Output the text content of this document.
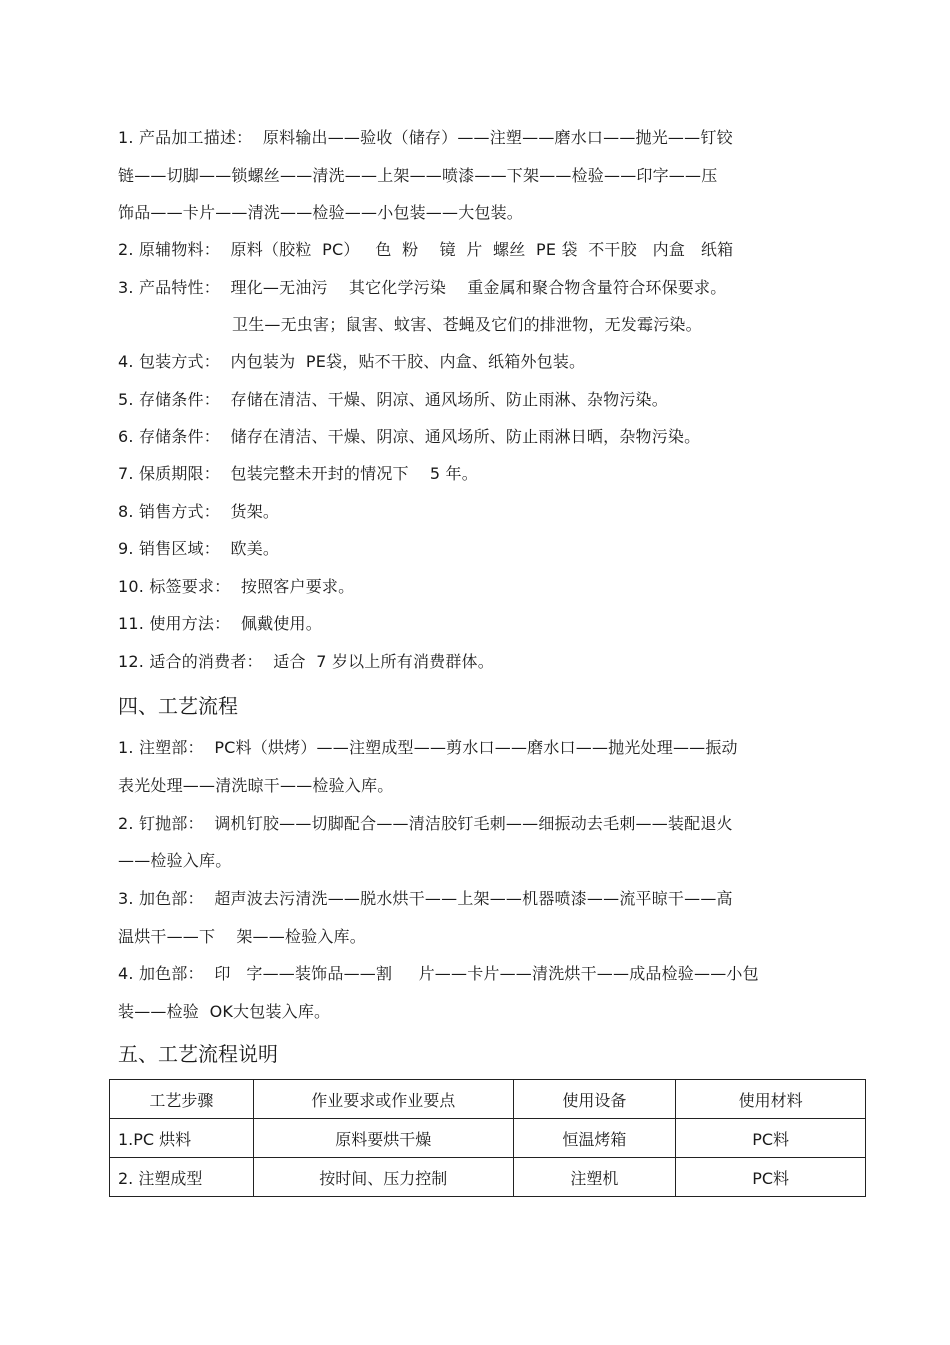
1. 产品加工描述：  原料输出——验收（储存）——注塑——磨水口——抛光——钉铰
链——切脚——锁螺丝——清洗——上架——喷漆——下架——检验——印字——压
饰品——卡片——清洗——检验——小包装——大包装。
2. 原辅物料：  原料（胶粒  PC）   色  粉    镜  片  螺丝  PE 袋  不干胶   内盒   纸箱
3. 产品特性：  理化—无油污    其它化学污染    重金属和聚合物含量符合环保要求。
卫生—无虫害；鼠害、蚊害、苍蝇及它们的排泄物，无发霉污染。
4. 包装方式：  内包装为  PE袋，贴不干胶、内盒、纸箱外包装。
5. 存储条件：  存储在清洁、干燥、阴凉、通风场所、防止雨淋、杂物污染。
6. 存储条件：  储存在清洁、干燥、阴凉、通风场所、防止雨淋日晒，杂物污染。
7. 保质期限：  包装完整未开封的情况下    5 年。
8. 销售方式：  货架。
9. 销售区域：  欧美。
10. 标签要求：  按照客户要求。
11. 使用方法：  佩戴使用。
12. 适合的消费者：  适合  7 岁以上所有消费群体。
四、工艺流程
1. 注塑部：  PC料（烘烤）——注塑成型——剪水口——磨水口——抛光处理——振动
表光处理——清洗晾干——检验入库。
2. 钉抛部：  调机钉胶——切脚配合——清洁胶钉毛刺——细振动去毛刺——装配退火
——检验入库。
3. 加色部：  超声波去污清洗——脱水烘干——上架——机器喷漆——流平晾干——高
温烘干——下    架——检验入库。
4. 加色部：  印   字——装饰品——割     片——卡片——清洗烘干——成品检验——小包
装——检验  OK大包装入库。
五、工艺流程说明
工艺步骤	作业要求或作业要点	使用设备	使用材料
1.PC 烘料	原料要烘干燥	恒温烤箱	PC料
2. 注塑成型	按时间、压力控制	注塑机	PC料
